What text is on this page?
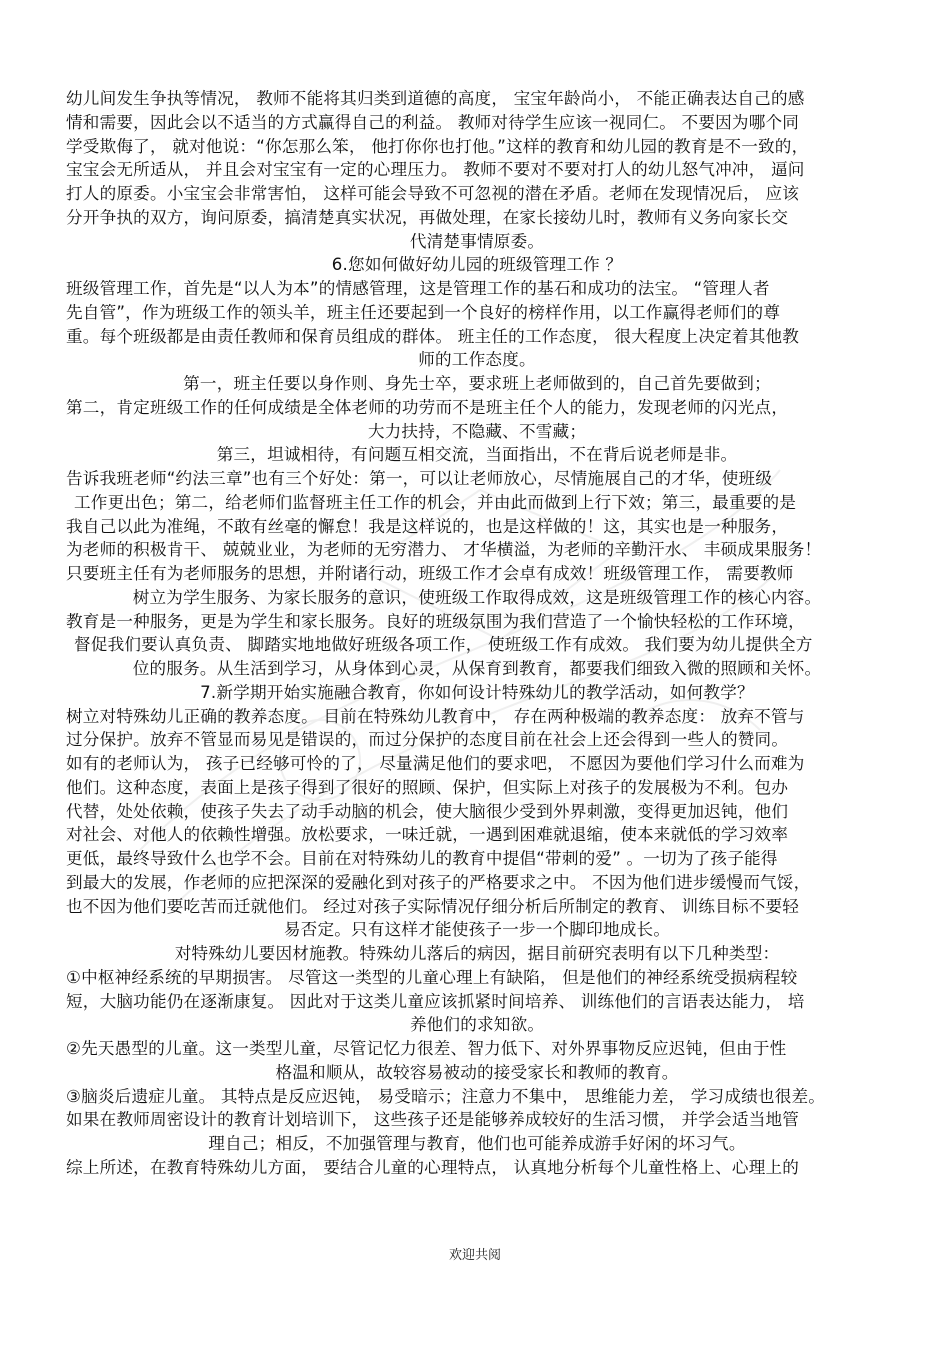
幼儿间发生争执等情况， 教师不能将其归类到道德的高度， 宝宝年龄尚小， 不能正确表达自己的感
情和需要，因此会以不适当的方式赢得自己的利益。 教师对待学生应该一视同仁。 不要因为哪个同
学受欺侮了， 就对他说：“你怎那么笨， 他打你你也打他。”这样的教育和幼儿园的教育是不一致的，
宝宝会无所适从， 并且会对宝宝有一定的心理压力。 教师不要对不要对打人的幼儿怒气冲冲， 逼问
打人的原委。小宝宝会非常害怕， 这样可能会导致不可忽视的潜在矛盾。老师在发现情况后， 应该
分开争执的双方，询问原委，搞清楚真实状况，再做处理，在家长接幼儿时，教师有义务向家长交
代清楚事情原委。
6.您如何做好幼儿园的班级管理工作 ？
班级管理工作，首先是“以人为本”的情感管理，这是管理工作的基石和成功的法宝。 “管理人者
先自管”，作为班级工作的领头羊，班主任还要起到一个良好的榜样作用，以工作赢得老师们的尊
重。每个班级都是由责任教师和保育员组成的群体。 班主任的工作态度， 很大程度上决定着其他教
师的工作态度。
第一，班主任要以身作则、身先士卒，要求班上老师做到的，自己首先要做到；
第二，肯定班级工作的任何成绩是全体老师的功劳而不是班主任个人的能力，发现老师的闪光点，
大力扶持，不隐藏、不雪藏；
第三，坦诚相待，有问题互相交流，当面指出，不在背后说老师是非。
告诉我班老师“约法三章”也有三个好处：第一，可以让老师放心，尽情施展自己的才华，使班级
工作更出色；第二，给老师们监督班主任工作的机会，并由此而做到上行下效；第三，最重要的是
我自己以此为准绳，不敢有丝毫的懈怠！我是这样说的，也是这样做的！这，其实也是一种服务，
为老师的积极肯干、 兢兢业业，为老师的无穷潜力、 才华横溢，为老师的辛勤汗水、 丰硕成果服务！
只要班主任有为老师服务的思想，并附诸行动，班级工作才会卓有成效！班级管理工作， 需要教师
树立为学生服务、为家长服务的意识，使班级工作取得成效，这是班级管理工作的核心内容。
教育是一种服务，更是为学生和家长服务。良好的班级氛围为我们营造了一个愉快轻松的工作环境，
督促我们要认真负责、 脚踏实地地做好班级各项工作， 使班级工作有成效。 我们要为幼儿提供全方
位的服务。从生活到学习，从身体到心灵，从保育到教育，都要我们细致入微的照顾和关怀。
7.新学期开始实施融合教育，你如何设计特殊幼儿的教学活动，如何教学？
树立对特殊幼儿正确的教养态度。 目前在特殊幼儿教育中， 存在两种极端的教养态度： 放弃不管与
过分保护。放弃不管显而易见是错误的，而过分保护的态度目前在社会上还会得到一些人的赞同。
如有的老师认为， 孩子已经够可怜的了， 尽量满足他们的要求吧， 不愿因为要他们学习什么而难为
他们。这种态度，表面上是孩子得到了很好的照顾、保护，但实际上对孩子的发展极为不利。包办
代替，处处依赖，使孩子失去了动手动脑的机会，使大脑很少受到外界刺激，变得更加迟钝，他们
对社会、对他人的依赖性增强。放松要求，一味迁就，一遇到困难就退缩，使本来就低的学习效率
更低，最终导致什么也学不会。目前在对特殊幼儿的教育中提倡“带刺的爱” 。一切为了孩子能得
到最大的发展，作老师的应把深深的爱融化到对孩子的严格要求之中。 不因为他们进步缓慢而气馁，
也不因为他们要吃苦而迁就他们。 经过对孩子实际情况仔细分析后所制定的教育、 训练目标不要轻
易否定。只有这样才能使孩子一步一个脚印地成长。
对特殊幼儿要因材施教。特殊幼儿落后的病因，据目前研究表明有以下几种类型：
①中枢神经系统的早期损害。 尽管这一类型的儿童心理上有缺陷， 但是他们的神经系统受损病程较
短，大脑功能仍在逐渐康复。 因此对于这类儿童应该抓紧时间培养、 训练他们的言语表达能力， 培
养他们的求知欲。
②先天愚型的儿童。这一类型儿童，尽管记忆力很差、智力低下、对外界事物反应迟钝，但由于性
格温和顺从，故较容易被动的接受家长和教师的教育。
③脑炎后遗症儿童。 其特点是反应迟钝， 易受暗示；注意力不集中， 思维能力差， 学习成绩也很差。
如果在教师周密设计的教育计划培训下， 这些孩子还是能够养成较好的生活习惯， 并学会适当地管
理自己；相反，不加强管理与教育，他们也可能养成游手好闲的坏习气。
综上所述，在教育特殊幼儿方面， 要结合儿童的心理特点， 认真地分析每个儿童性格上、心理上的
欢迎共阅
